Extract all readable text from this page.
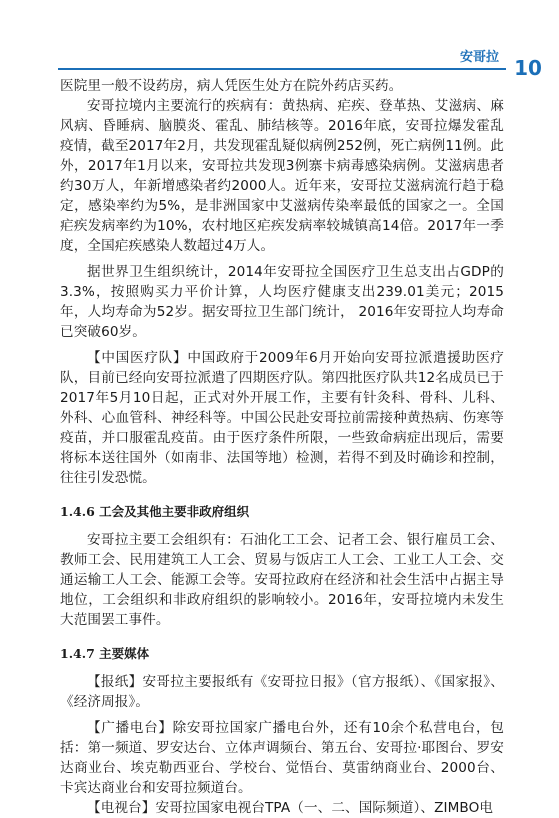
安哥拉 10

医院里一般不设药房，病人凭医生处方在院外药店买药。

安哥拉境内主要流行的疾病有：黄热病、疟疾、登革热、艾滋病、麻风病、昏睡病、脑膜炎、霍乱、肺结核等。2016年底，安哥拉爆发霍乱疫情，截至2017年2月，共发现霍乱疑似病例252例，死亡病例11例。此外，2017年1月以来，安哥拉共发现3例寨卡病毒感染病例。艾滋病患者约30万人，年新增感染者约2000人。近年来，安哥拉艾滋病流行趋于稳定，感染率约为5%，是非洲国家中艾滋病传染率最低的国家之一。全国疟疾发病率约为10%，农村地区疟疾发病率较城镇高14倍。2017年一季度，全国疟疾感染人数超过4万人。

据世界卫生组织统计，2014年安哥拉全国医疗卫生总支出占GDP的3.3%，按照购买力平价计算，人均医疗健康支出239.01美元；2015年，人均寿命为52岁。据安哥拉卫生部门统计， 2016年安哥拉人均寿命已突破60岁。

【中国医疗队】中国政府于2009年6月开始向安哥拉派遣援助医疗队，目前已经向安哥拉派遣了四期医疗队。第四批医疗队共12名成员已于2017年5月10日起，正式对外开展工作，主要有针灸科、骨科、儿科、外科、心血管科、神经科等。中国公民赴安哥拉前需接种黄热病、伤寒等疫苗，并口服霍乱疫苗。由于医疗条件所限，一些致命病症出现后，需要将标本送往国外（如南非、法国等地）检测，若得不到及时确诊和控制，往往引发恐慌。

1.4.6 工会及其他主要非政府组织

安哥拉主要工会组织有：石油化工工会、记者工会、银行雇员工会、教师工会、民用建筑工人工会、贸易与饭店工人工会、工业工人工会、交通运输工人工会、能源工会等。安哥拉政府在经济和社会生活中占据主导地位，工会组织和非政府组织的影响较小。2016年，安哥拉境内未发生大范围罢工事件。

1.4.7 主要媒体

【报纸】安哥拉主要报纸有《安哥拉日报》（官方报纸）、《国家报》、《经济周报》。

【广播电台】除安哥拉国家广播电台外，还有10余个私营电台，包括：第一频道、罗安达台、立体声调频台、第五台、安哥拉·耶图台、罗安达商业台、埃克勒西亚台、学校台、觉悟台、莫雷纳商业台、2000台、卡宾达商业台和安哥拉频道台。

【电视台】安哥拉国家电视台TPA（一、二、国际频道）、ZIMBO电
